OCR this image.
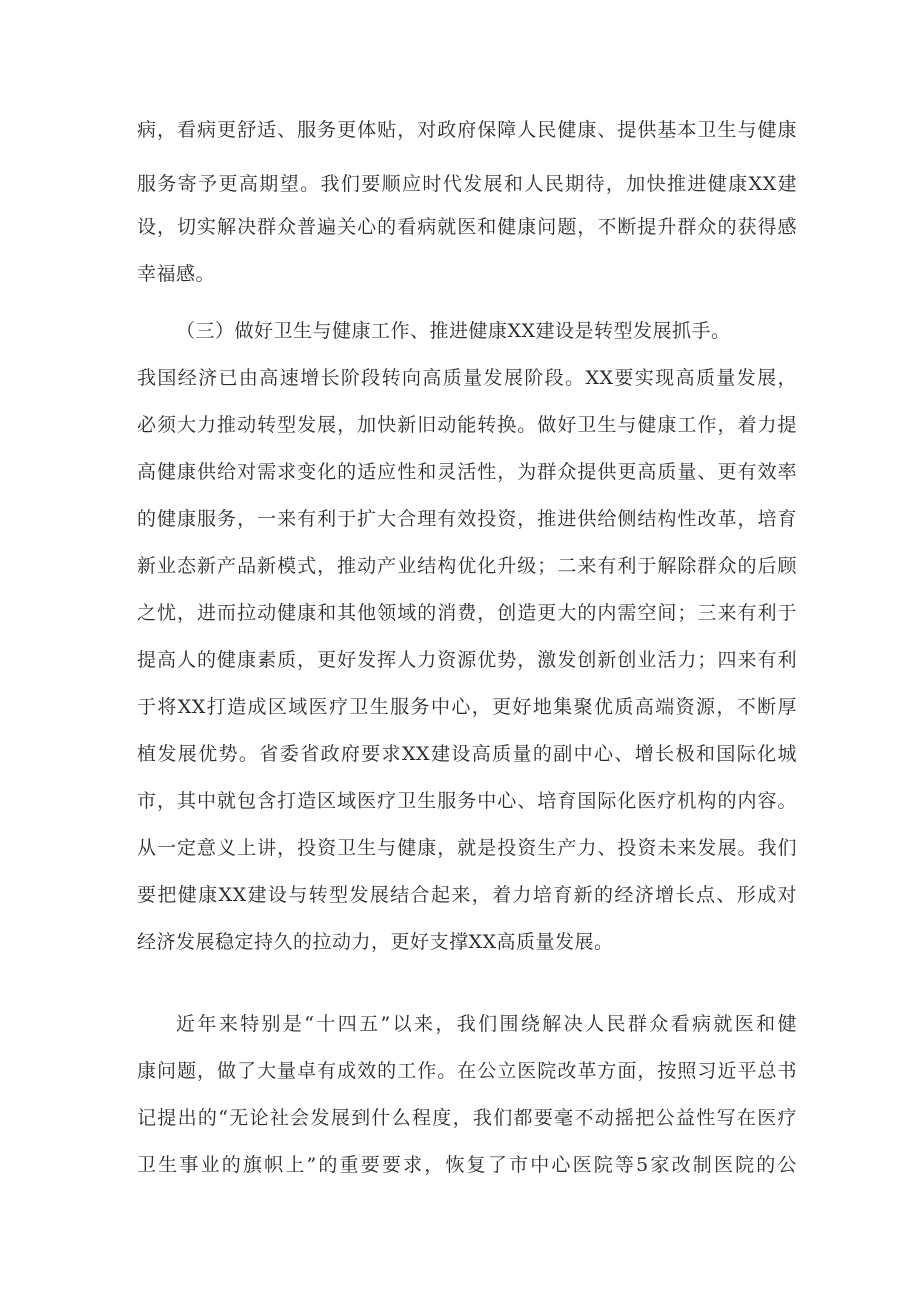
病，看病更舒适、服务更体贴，对政府保障人民健康、提供基本卫生与健康
服务寄予更高期望。我们要顺应时代发展和人民期待，加快推进健康XX建
设，切实解决群众普遍关心的看病就医和健康问题，不断提升群众的获得感
幸福感。
（三）做好卫生与健康工作、推进健康XX建设是转型发展抓手。
我国经济已由高速增长阶段转向高质量发展阶段。XX要实现高质量发展，
必须大力推动转型发展，加快新旧动能转换。做好卫生与健康工作，着力提
高健康供给对需求变化的适应性和灵活性，为群众提供更高质量、更有效率
的健康服务，一来有利于扩大合理有效投资，推进供给侧结构性改革，培育
新业态新产品新模式，推动产业结构优化升级；二来有利于解除群众的后顾
之忧，进而拉动健康和其他领域的消费，创造更大的内需空间；三来有利于
提高人的健康素质，更好发挥人力资源优势，激发创新创业活力；四来有利
于将XX打造成区域医疗卫生服务中心，更好地集聚优质高端资源，不断厚
植发展优势。省委省政府要求XX建设高质量的副中心、增长极和国际化城
市，其中就包含打造区域医疗卫生服务中心、培育国际化医疗机构的内容。
从一定意义上讲，投资卫生与健康，就是投资生产力、投资未来发展。我们
要把健康XX建设与转型发展结合起来，着力培育新的经济增长点、形成对
经济发展稳定持久的拉动力，更好支撑XX高质量发展。
近年来特别是“十四五”以来，我们围绕解决人民群众看病就医和健
康问题，做了大量卓有成效的工作。在公立医院改革方面，按照习近平总书
记提出的“无论社会发展到什么程度，我们都要毫不动摇把公益性写在医疗
卫生事业的旗帜上”的重要要求，恢复了市中心医院等5家改制医院的公
